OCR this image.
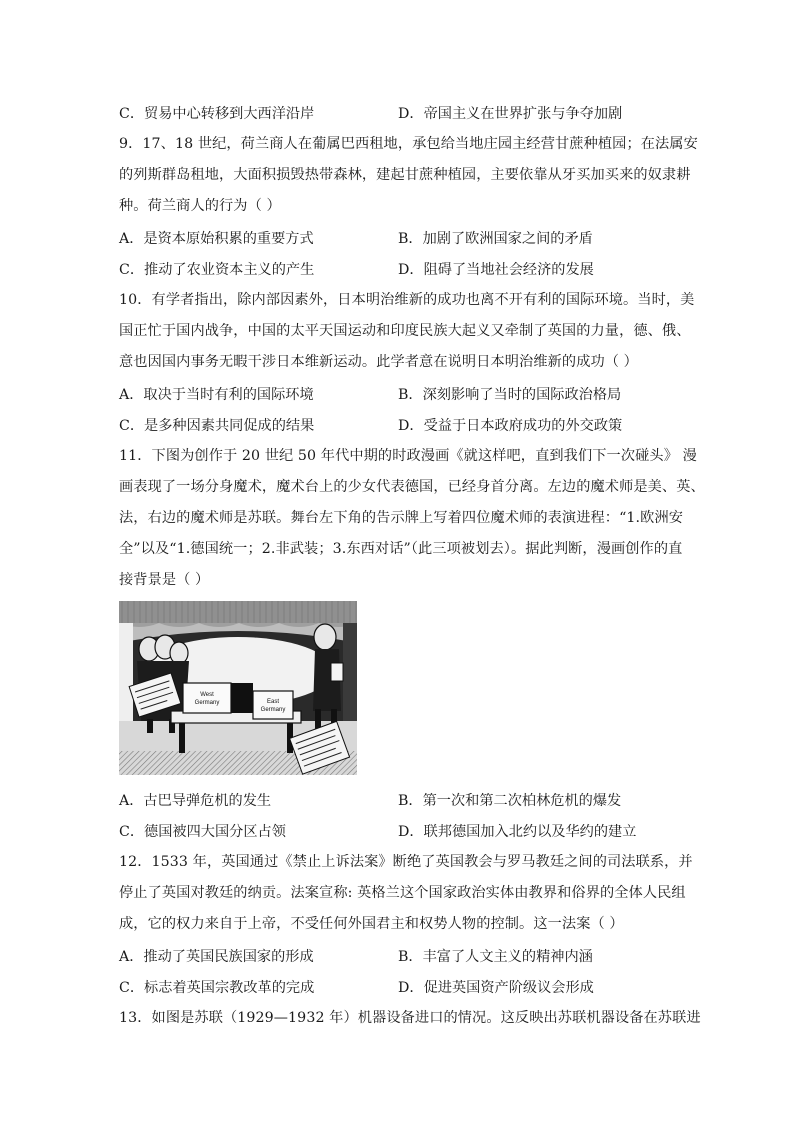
C．贸易中心转移到大西洋沿岸	D．帝国主义在世界扩张与争夺加剧
9．17、18 世纪，荷兰商人在葡属巴西租地，承包给当地庄园主经营甘蔗种植园；在法属安
的列斯群岛租地，大面积损毁热带森林，建起甘蔗种植园，主要依靠从牙买加买来的奴隶耕
种。荷兰商人的行为（ ）
A．是资本原始积累的重要方式	B．加剧了欧洲国家之间的矛盾
C．推动了农业资本主义的产生	D．阻碍了当地社会经济的发展
10．有学者指出，除内部因素外，日本明治维新的成功也离不开有利的国际环境。当时，美
国正忙于国内战争，中国的太平天国运动和印度民族大起义又牵制了英国的力量，德、俄、
意也因国内事务无暇干涉日本维新运动。此学者意在说明日本明治维新的成功（ ）
A．取决于当时有利的国际环境	B．深刻影响了当时的国际政治格局
C．是多种因素共同促成的结果	D．受益于日本政府成功的外交政策
11．下图为创作于 20 世纪 50 年代中期的时政漫画《就这样吧，直到我们下一次碰头》 漫
画表现了一场分身魔术，魔术台上的少女代表德国，已经身首分离。左边的魔术师是美、英、
法，右边的魔术师是苏联。舞台左下角的告示牌上写着四位魔术师的表演进程：“1.欧洲安
全”以及“1.德国统一；2.非武装；3.东西对话”（此三项被划去）。据此判断，漫画创作的直
接背景是（ ）
West
Germany	East
Germany
A．古巴导弹危机的发生	B．第一次和第二次柏林危机的爆发
C．德国被四大国分区占领	D．联邦德国加入北约以及华约的建立
12．1533 年，英国通过《禁止上诉法案》断绝了英国教会与罗马教廷之间的司法联系，并
停止了英国对教廷的纳贡。法案宣称: 英格兰这个国家政治实体由教界和俗界的全体人民组
成，它的权力来自于上帝，不受任何外国君主和权势人物的控制。这一法案（ ）
A．推动了英国民族国家的形成	B．丰富了人文主义的精神内涵
C．标志着英国宗教改革的完成	D．促进英国资产阶级议会形成
13．如图是苏联（1929—1932 年）机器设备进口的情况。这反映出苏联机器设备在苏联进
